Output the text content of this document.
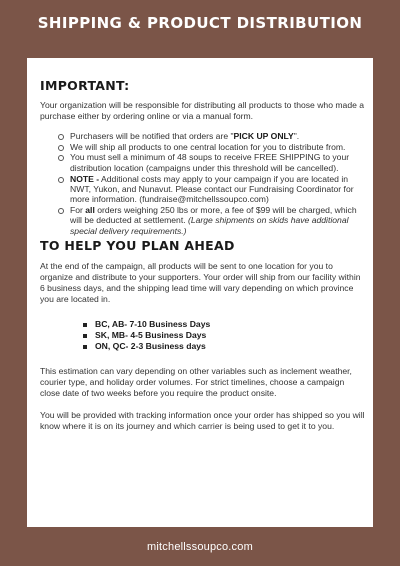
SHIPPING & PRODUCT DISTRIBUTION
IMPORTANT:

Your organization will be responsible for distributing all products to those who made a purchase either by ordering online or via a manual form.

Purchasers will be notified that orders are "PICK UP ONLY".
We will ship all products to one central location for you to distribute from.
You must sell a minimum of 48 soups to receive FREE SHIPPING to your distribution location (campaigns under this threshold will be cancelled).
NOTE - Additional costs may apply to your campaign if you are located in NWT, Yukon, and Nunavut. Please contact our Fundraising Coordinator for more information. (fundraise@mitchellssoupco.com)
For all orders weighing 250 lbs or more, a fee of $99 will be charged, which will be deducted at settlement. (Large shipments on skids have additional special delivery requirements.)
TO HELP YOU PLAN AHEAD

At the end of the campaign, all products will be sent to one location for you to organize and distribute to your supporters. Your order will ship from our facility within 6 business days, and the shipping lead time will vary depending on which province you are located in.

BC, AB- 7-10 Business Days
SK, MB- 4-5 Business Days
ON, QC- 2-3 Business days

This estimation can vary depending on other variables such as inclement weather, courier type, and holiday order volumes. For strict timelines, choose a campaign close date of two weeks before you require the product onsite.

You will be provided with tracking information once your order has shipped so you will know where it is on its journey and which carrier is being used to get it to you.

mitchellssoupco.com
